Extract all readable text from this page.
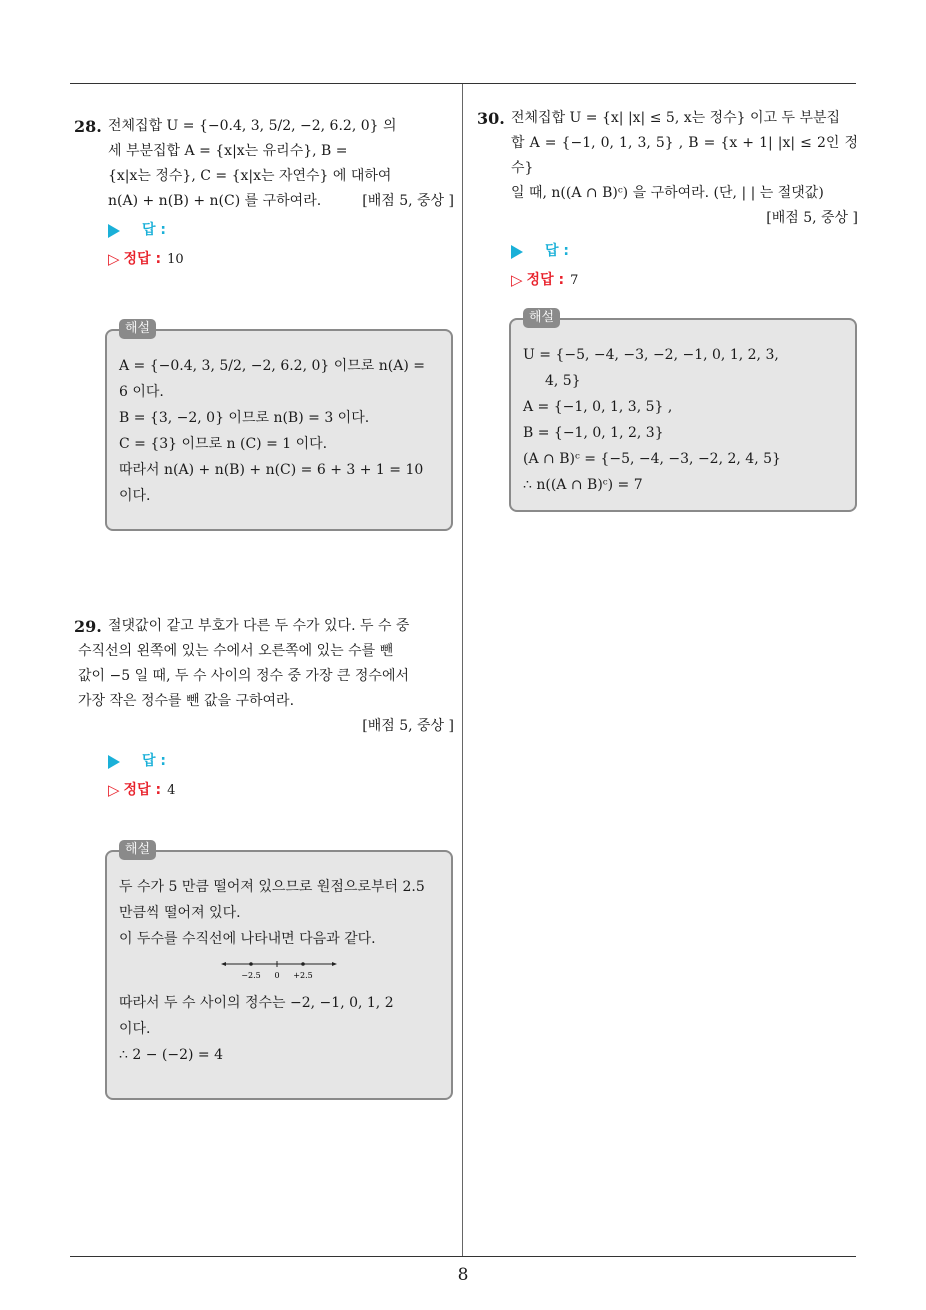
8
28. 전체집합 U = {−0.4, 3, 5/2, −2, 6.2, 0} 의
세 부분집합 A = {x|x는 유리수}, B =
{x|x는 정수}, C = {x|x는 자연수} 에 대하여
n(A) + n(B) + n(C) 를 구하여라.	[배점 5, 중상 ]
답 :
▷ 정답 : 10
해설
A = {−0.4, 3, 5/2, −2, 6.2, 0} 이므로 n(A) =
6 이다.
B = {3, −2, 0} 이므로 n(B) = 3 이다.
C = {3} 이므로 n (C) = 1 이다.
따라서 n(A) + n(B) + n(C) = 6 + 3 + 1 = 10
이다.
29. 절댓값이 같고 부호가 다른 두 수가 있다. 두 수 중
수직선의 왼쪽에 있는 수에서 오른쪽에 있는 수를 뺀
값이 −5 일 때, 두 수 사이의 정수 중 가장 큰 정수에서
가장 작은 정수를 뺀 값을 구하여라.
[배점 5, 중상 ]
답 :
▷ 정답 : 4
해설
두 수가 5 만큼 떨어져 있으므로 원점으로부터 2.5
만큼씩 떨어져 있다.
이 두수를 수직선에 나타내면 다음과 같다.
−2.5 0 +2.5
따라서 두 수 사이의 정수는 −2, −1, 0, 1, 2
이다.
∴ 2 − (−2) = 4
30. 전체집합 U = {x| |x| ≤ 5, x는 정수} 이고 두 부분집
합 A = {−1, 0, 1, 3, 5} , B = {x + 1| |x| ≤ 2인 정수}
일 때, n((A ∩ B)ᶜ) 을 구하여라. (단, | | 는 절댓값)
[배점 5, 중상 ]
답 :
▷ 정답 : 7
해설
U = {−5, −4, −3, −2, −1, 0, 1, 2, 3,
4, 5}
A = {−1, 0, 1, 3, 5} ,
B = {−1, 0, 1, 2, 3}
(A ∩ B)ᶜ = {−5, −4, −3, −2, 2, 4, 5}
∴ n((A ∩ B)ᶜ) = 7
